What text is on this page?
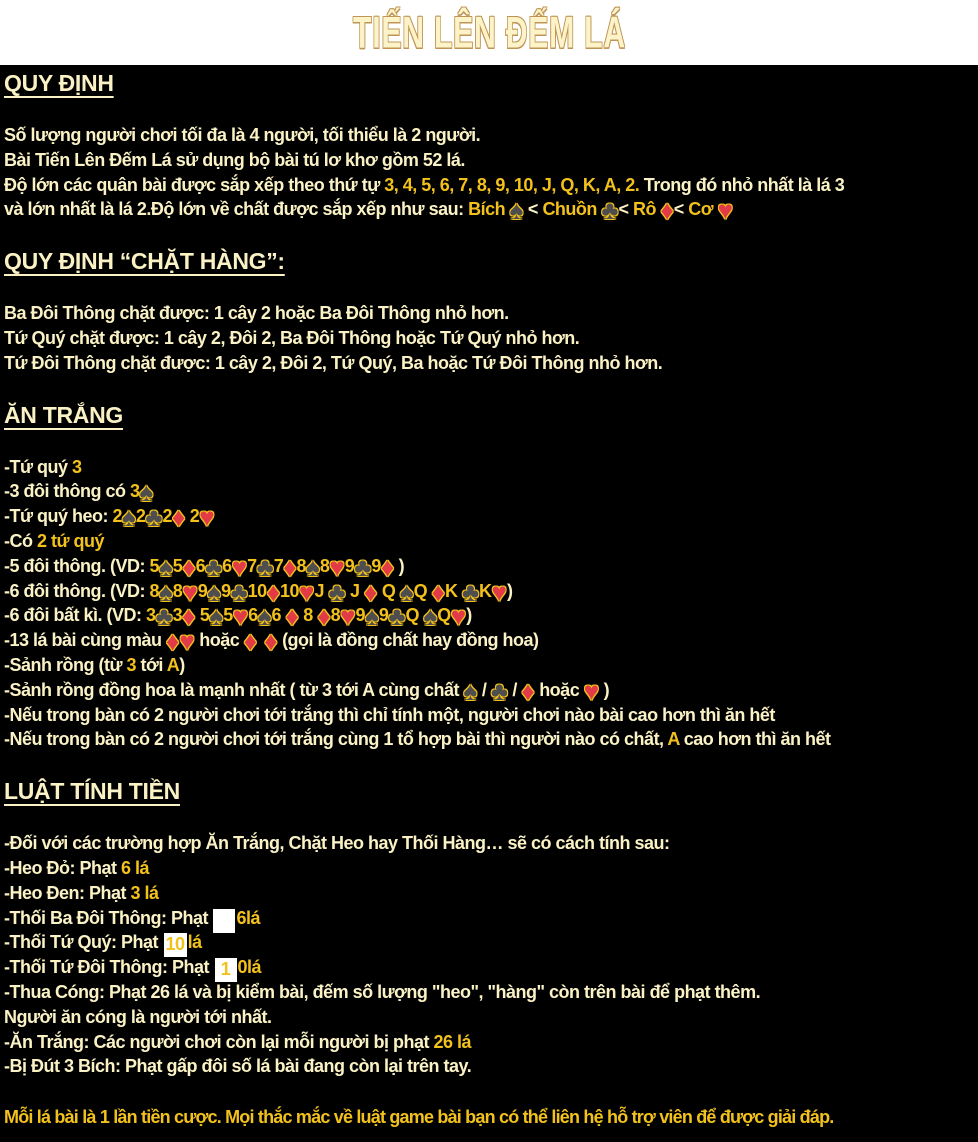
TIẾN LÊN ĐẾM LÁ
QUY ĐỊNH
Số lượng người chơi tối đa là 4 người, tối thiểu là 2 người.
Bài Tiến Lên Đếm Lá sử dụng bộ bài tú lơ khơ gồm 52 lá.
Độ lớn các quân bài được sắp xếp theo thứ tự 3, 4, 5, 6, 7, 8, 9, 10, J, Q, K, A, 2. Trong đó nhỏ nhất là lá 3
và lớn nhất là lá 2.Độ lớn về chất được sắp xếp như sau: Bích ♠ < Chuồn ♣< Rô ♦< Cơ ♥
QUY ĐỊNH “CHẶT HÀNG”:
Ba Đôi Thông chặt được: 1 cây 2 hoặc Ba Đôi Thông nhỏ hơn.
Tứ Quý chặt được: 1 cây 2, Đôi 2, Ba Đôi Thông hoặc Tứ Quý nhỏ hơn.
Tứ Đôi Thông chặt được: 1 cây 2, Đôi 2, Tứ Quý, Ba hoặc Tứ Đôi Thông nhỏ hơn.
ĂN TRẮNG
-Tứ quý 3
-3 đôi thông có 3♠
-Tứ quý heo: 2♠2♣2♦ 2♥
-Có 2 tứ quý
-5 đôi thông. (VD: 5♠5♦6♣6♥7♣7♦8♠8♥9♣9♦ )
-6 đôi thông. (VD: 8♠8♥9♠9♣10♦10♥J ♣ J ♦ Q ♠Q ♦K ♣K♥)
-6 đôi bất kì. (VD: 3♣3♦ 5♠5♥6♠6 ♦ 8 ♦8♥9♠9♣Q ♠Q♥)
-13 lá bài cùng màu ♦♥ hoặc ♦ ♦ (gọi là đồng chất hay đồng hoa)
-Sảnh rồng (từ 3 tới A)
-Sảnh rồng đồng hoa là mạnh nhất ( từ 3 tới A cùng chất ♠ / ♣ / ♦ hoặc ♥ )
-Nếu trong bàn có 2 người chơi tới trắng thì chỉ tính một, người chơi nào bài cao hơn thì ăn hết
-Nếu trong bàn có 2 người chơi tới trắng cùng 1 tổ hợp bài thì người nào có chất, A cao hơn thì ăn hết
LUẬT TÍNH TIỀN
-Đối với các trường hợp Ăn Trắng, Chặt Heo hay Thối Hàng… sẽ có cách tính sau:
-Heo Đỏ: Phạt 6 lá
-Heo Đen: Phạt 3 lá
-Thối Ba Đôi Thông: Phạt    6lá
-Thối Tứ Quý: Phạt 10 lá
-Thối Tứ Đôi Thông: Phạt 1 0lá
-Thua Cóng: Phạt 26 lá và bị kiểm bài, đếm số lượng "heo", "hàng" còn trên bài để phạt thêm.
Người ăn cóng là người tới nhất.
-Ăn Trắng: Các người chơi còn lại mỗi người bị phạt 26 lá
-Bị Đút 3 Bích: Phạt gấp đôi số lá bài đang còn lại trên tay.
Mỗi lá bài là 1 lần tiền cược. Mọi thắc mắc về luật game bài bạn có thể liên hệ hỗ trợ viên để được giải đáp.
